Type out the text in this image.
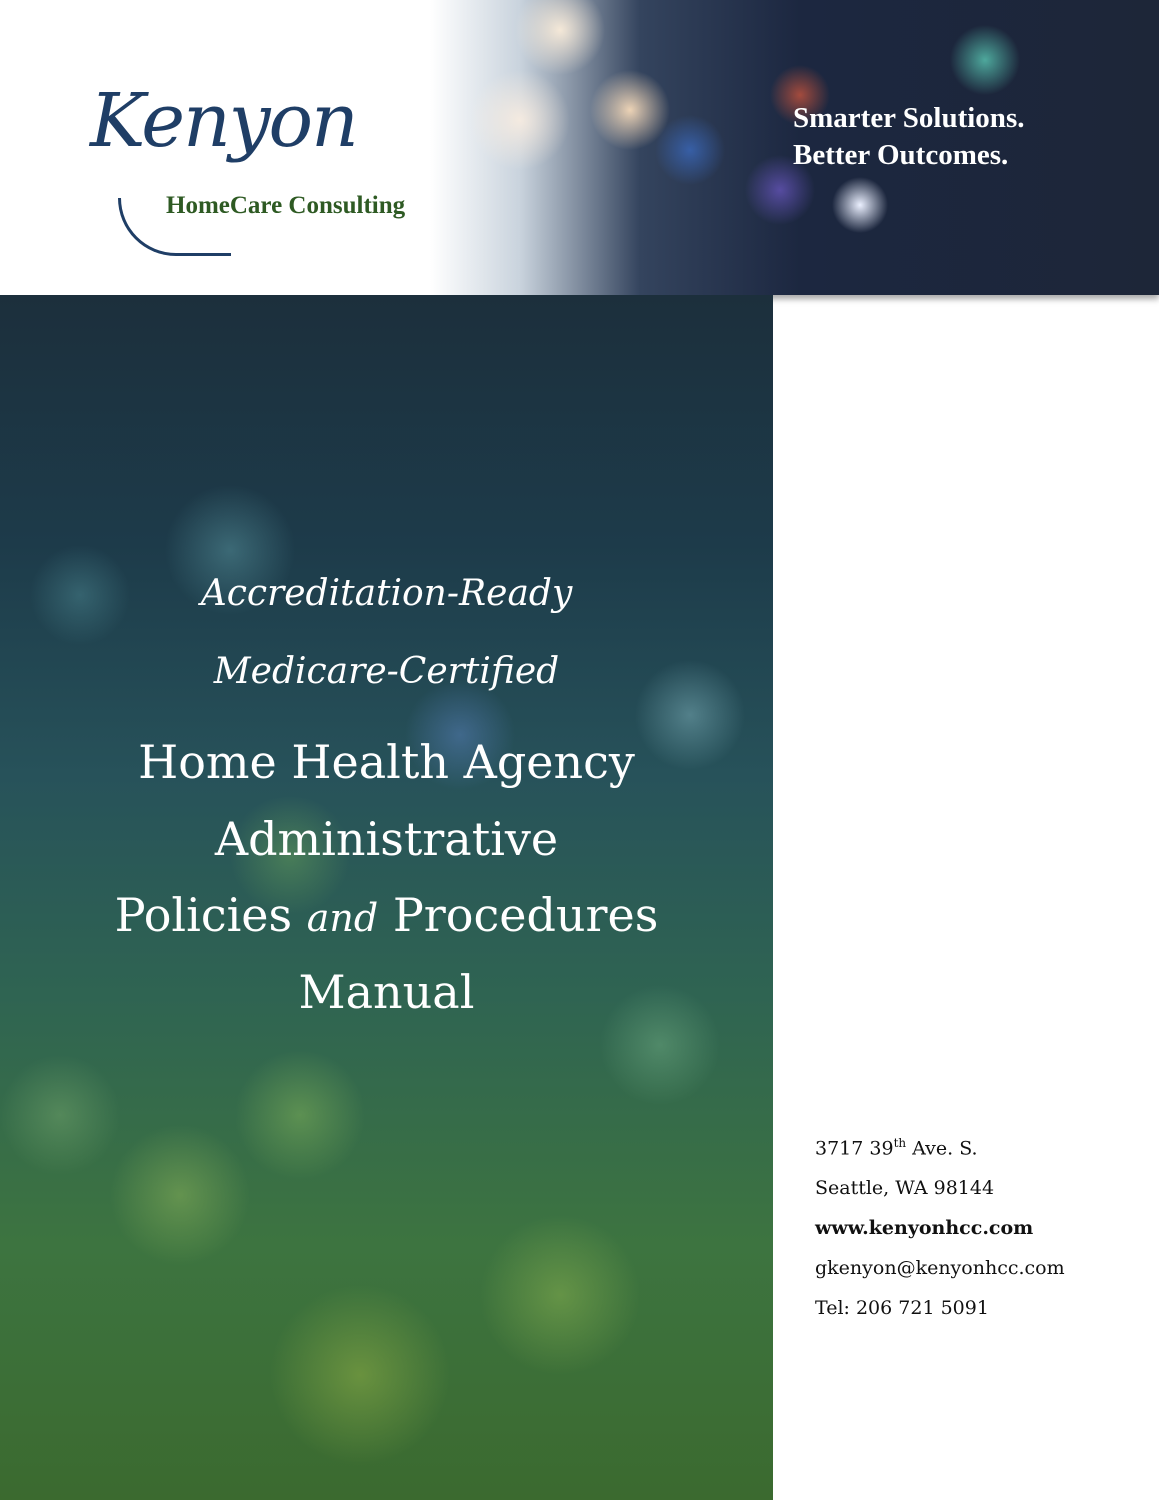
Kenyon
HomeCare Consulting
Smarter Solutions.
Better Outcomes.
Accreditation-Ready
Medicare-Certified
Home Health Agency
Administrative
Policies and Procedures
Manual
3717 39th Ave. S.
Seattle, WA 98144
www.kenyonhcc.com
gkenyon@kenyonhcc.com
Tel: 206 721 5091
